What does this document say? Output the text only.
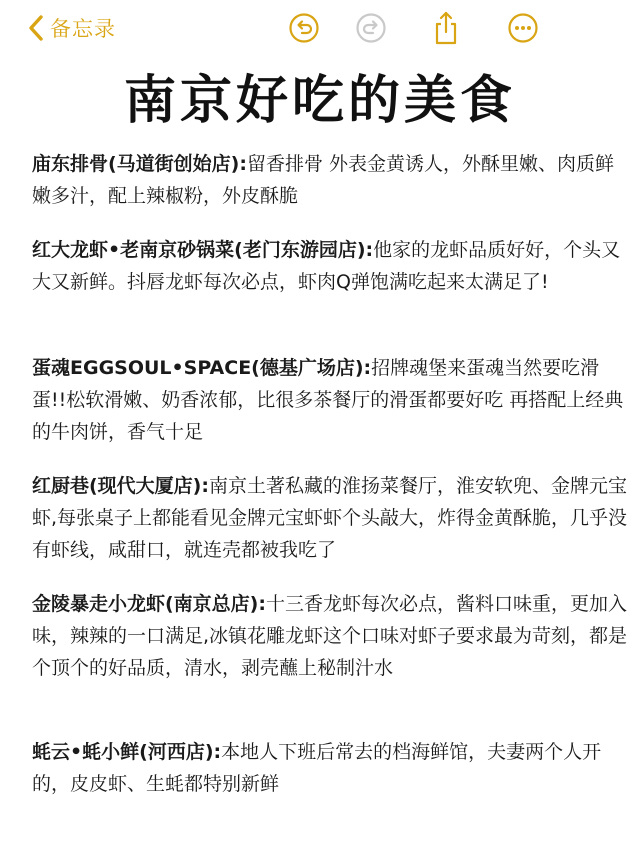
备忘录
南京好吃的美食

庙东排骨(马道街创始店):留香排骨 外表金黄诱人，外酥里嫩、肉质鲜嫩多汁，配上辣椒粉，外皮酥脆

红大龙虾•老南京砂锅菜(老门东游园店):他家的龙虾品质好好，个头又大又新鲜。抖唇龙虾每次必点，虾肉Q弹饱满吃起来太满足了!

蛋魂EGGSOUL•SPACE(德基广场店):招牌魂堡来蛋魂当然要吃滑蛋!!松软滑嫩、奶香浓郁，比很多茶餐厅的滑蛋都要好吃 再搭配上经典的牛肉饼，香气十足

红厨巷(现代大厦店):南京土著私藏的淮扬菜餐厅，淮安软兜、金牌元宝虾,每张桌子上都能看见金牌元宝虾虾个头敲大，炸得金黄酥脆，几乎没有虾线，咸甜口，就连壳都被我吃了

金陵暴走小龙虾(南京总店):十三香龙虾每次必点，酱料口味重，更加入味，辣辣的一口满足,冰镇花雕龙虾这个口味对虾子要求最为苛刻，都是个顶个的好品质，清水，剥壳蘸上秘制汁水

蚝云•蚝小鲜(河西店):本地人下班后常去的档海鲜馆，夫妻两个人开的，皮皮虾、生蚝都特别新鲜
